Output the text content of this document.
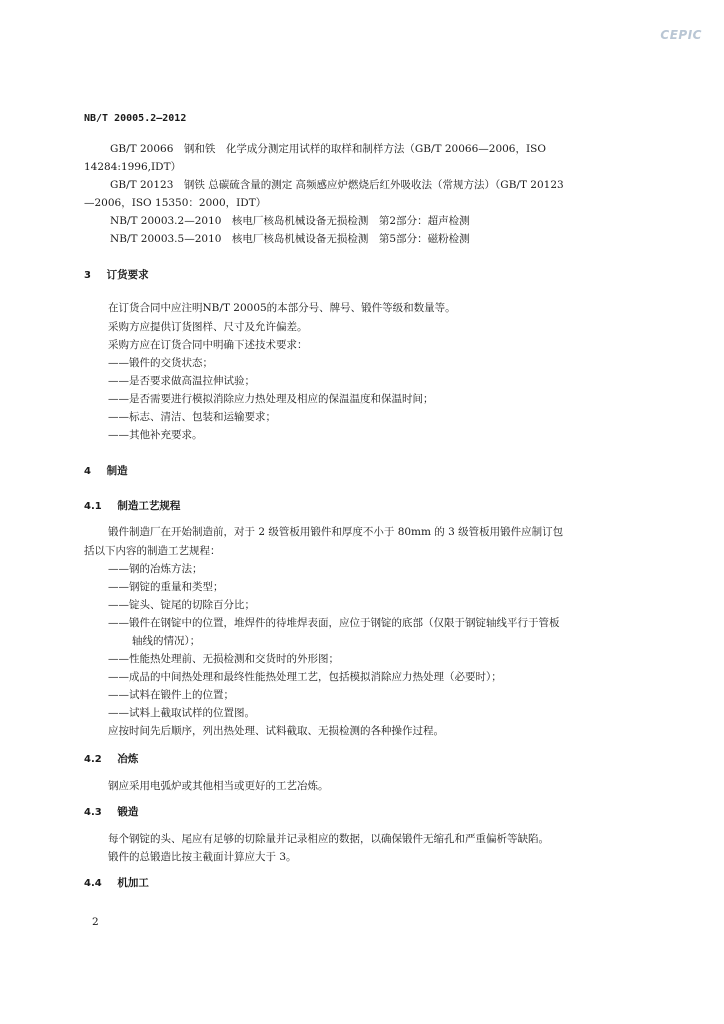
CEPIC
NB/T 20005.2—2012
GB/T 20066　钢和铁　化学成分测定用试样的取样和制样方法（GB/T 20066—2006，ISO
14284:1996,IDT）
GB/T 20123　钢铁 总碳硫含量的测定 高频感应炉燃烧后红外吸收法（常规方法）（GB/T 20123
—2006，ISO 15350：2000，IDT）
NB/T 20003.2—2010　核电厂核岛机械设备无损检测　第2部分：超声检测
NB/T 20003.5—2010　核电厂核岛机械设备无损检测　第5部分：磁粉检测
3 订货要求
在订货合同中应注明NB/T 20005的本部分号、牌号、锻件等级和数量等。
采购方应提供订货图样、尺寸及允许偏差。
采购方应在订货合同中明确下述技术要求：
——锻件的交货状态；
——是否要求做高温拉伸试验；
——是否需要进行模拟消除应力热处理及相应的保温温度和保温时间；
——标志、清洁、包装和运输要求；
——其他补充要求。
4 制造
4.1 制造工艺规程
锻件制造厂在开始制造前，对于 2 级管板用锻件和厚度不小于 80mm 的 3 级管板用锻件应制订包
括以下内容的制造工艺规程：
——钢的冶炼方法；
——钢锭的重量和类型；
——锭头、锭尾的切除百分比；
——锻件在钢锭中的位置，堆焊件的待堆焊表面，应位于钢锭的底部（仅限于钢锭轴线平行于管板
轴线的情况）；
——性能热处理前、无损检测和交货时的外形图；
——成品的中间热处理和最终性能热处理工艺，包括模拟消除应力热处理（必要时）；
——试料在锻件上的位置；
——试料上截取试样的位置图。
应按时间先后顺序，列出热处理、试料截取、无损检测的各种操作过程。
4.2 冶炼
钢应采用电弧炉或其他相当或更好的工艺冶炼。
4.3 锻造
每个钢锭的头、尾应有足够的切除量并记录相应的数据，以确保锻件无缩孔和严重偏析等缺陷。
锻件的总锻造比按主截面计算应大于 3。
4.4 机加工
2
